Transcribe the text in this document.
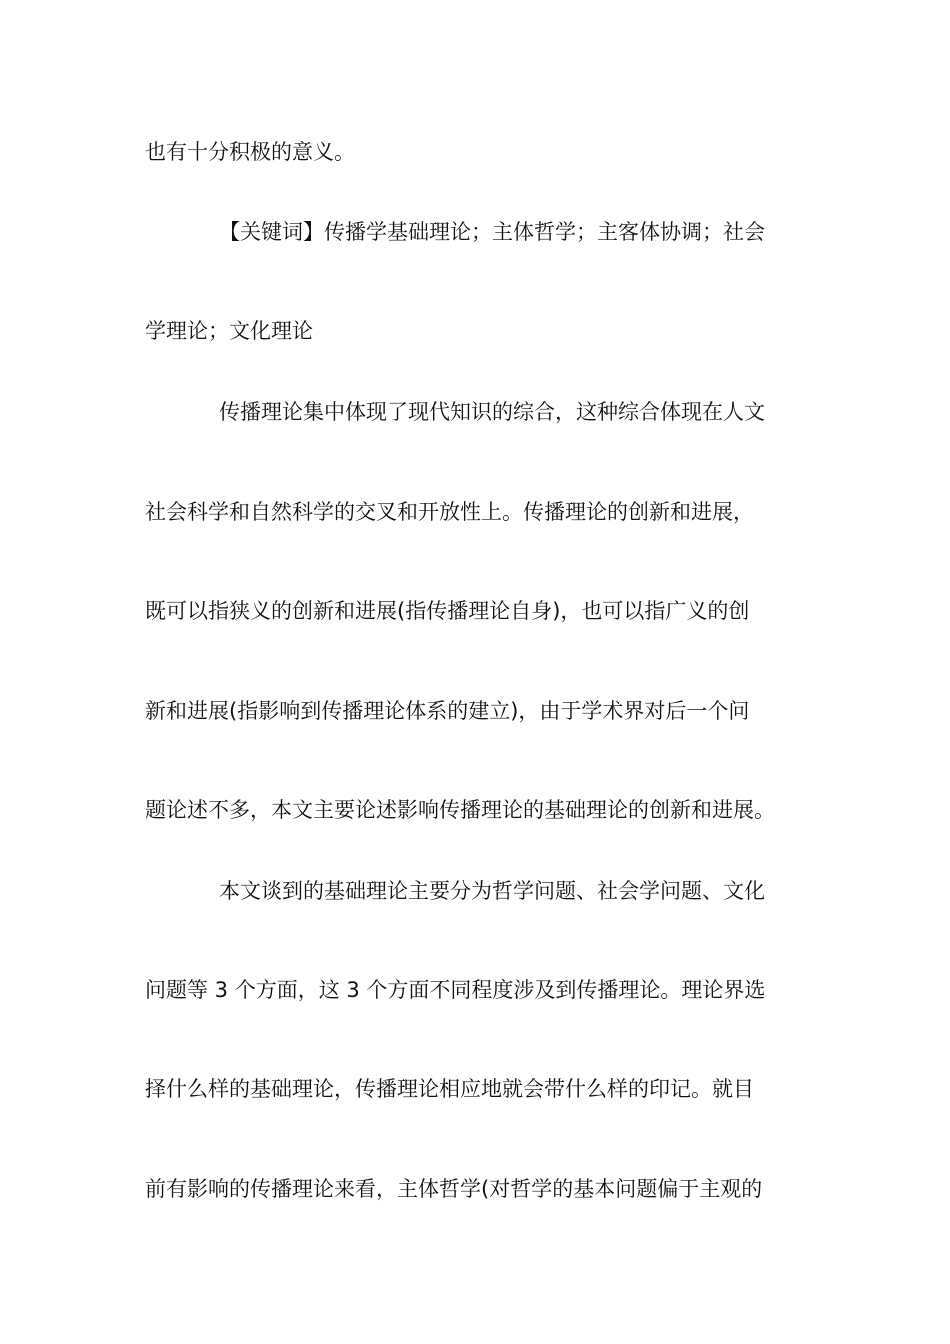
也有十分积极的意义。
【关键词】传播学基础理论；主体哲学；主客体协调；社会
学理论；文化理论
传播理论集中体现了现代知识的综合，这种综合体现在人文
社会科学和自然科学的交叉和开放性上。传播理论的创新和进展，
既可以指狭义的创新和进展(指传播理论自身)，也可以指广义的创
新和进展(指影响到传播理论体系的建立)，由于学术界对后一个问
题论述不多，本文主要论述影响传播理论的基础理论的创新和进展。
本文谈到的基础理论主要分为哲学问题、社会学问题、文化
问题等 3 个方面，这 3 个方面不同程度涉及到传播理论。理论界选
择什么样的基础理论，传播理论相应地就会带什么样的印记。就目
前有影响的传播理论来看，主体哲学(对哲学的基本问题偏于主观的
